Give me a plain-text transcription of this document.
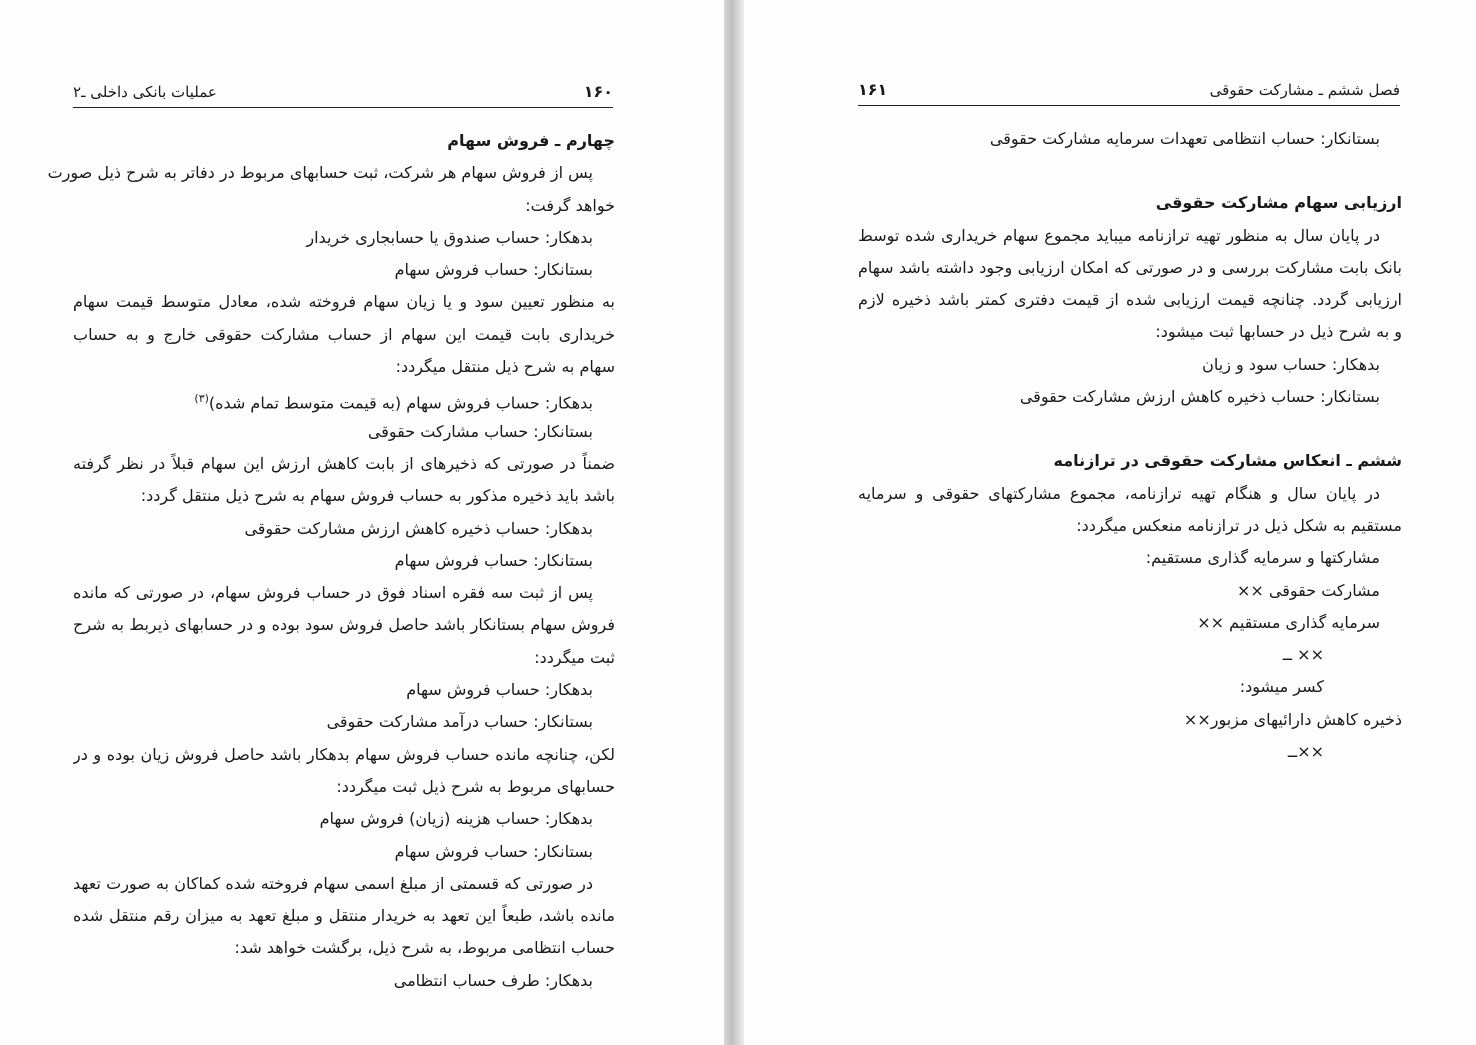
۱۶۰
عملیات بانکی داخلی ـ۲
چهارم ـ فروش سهام
پس از فروش سهام هر شرکت، ثبت حسابهای مربوط در دفاتر به شرح ذیل صورت
خواهد گرفت:
بدهکار: حساب صندوق یا حسابجاری خریدار
بستانکار: حساب فروش سهام
به منظور تعیین سود و یا زیان سهام فروخته شده، معادل متوسط قیمت سهام
خریداری بابت قیمت این سهام از حساب مشارکت حقوقی خارج و به حساب
سهام به شرح ذیل منتقل میگردد:
بدهکار: حساب فروش سهام (به قیمت متوسط تمام شده)$^{(۳)}$
بستانکار: حساب مشارکت حقوقی
ضمناً در صورتی که ذخیرهای از بابت کاهش ارزش این سهام قبلاً در نظر گرفته
باشد باید ذخیره مذکور به حساب فروش سهام به شرح ذیل منتقل گردد:
بدهکار: حساب ذخیره کاهش ارزش مشارکت حقوقی
بستانکار: حساب فروش سهام
پس از ثبت سه فقره اسناد فوق در حساب فروش سهام، در صورتی که مانده
فروش سهام بستانکار باشد حاصل فروش سود بوده و در حسابهای ذیربط به شرح
ثبت میگردد:
بدهکار: حساب فروش سهام
بستانکار: حساب درآمد مشارکت حقوقی
لکن، چنانچه مانده حساب فروش سهام بدهکار باشد حاصل فروش زیان بوده و در
حسابهای مربوط به شرح ذیل ثبت میگردد:
بدهکار: حساب هزینه (زیان) فروش سهام
بستانکار: حساب فروش سهام
در صورتی که قسمتی از مبلغ اسمی سهام فروخته شده کماکان به صورت تعهد
مانده باشد، طبعاً این تعهد به خریدار منتقل و مبلغ تعهد به میزان رقم منتقل شده
حساب انتظامی مربوط، به شرح ذیل، برگشت خواهد شد:
بدهکار: طرف حساب انتظامی
فصل ششم ـ مشارکت حقوقی
۱۶۱
بستانکار: حساب انتظامی تعهدات سرمایه مشارکت حقوقی
ارزیابی سهام مشارکت حقوقی
در پایان سال به منظور تهیه ترازنامه میباید مجموع سهام خریداری شده توسط
بانک بابت مشارکت بررسی و در صورتی که امکان ارزیابی وجود داشته باشد سهام
ارزیابی گردد. چنانچه قیمت ارزیابی شده از قیمت دفتری کمتر باشد ذخیره لازم
و به شرح ذیل در حسابها ثبت میشود:
بدهکار: حساب سود و زیان
بستانکار: حساب ذخیره کاهش ارزش مشارکت حقوقی
ششم ـ انعکاس مشارکت حقوقی در ترازنامه
در پایان سال و هنگام تهیه ترازنامه، مجموع مشارکتهای حقوقی و سرمایه
مستقیم به شکل ذیل در ترازنامه منعکس میگردد:
مشارکتها و سرمایه گذاری مستقیم:
مشارکت حقوقی ××
سرمایه گذاری مستقیم ××
×× ــ
کسر میشود:
ذخیره کاهش دارائیهای مزبور××
××ــ
